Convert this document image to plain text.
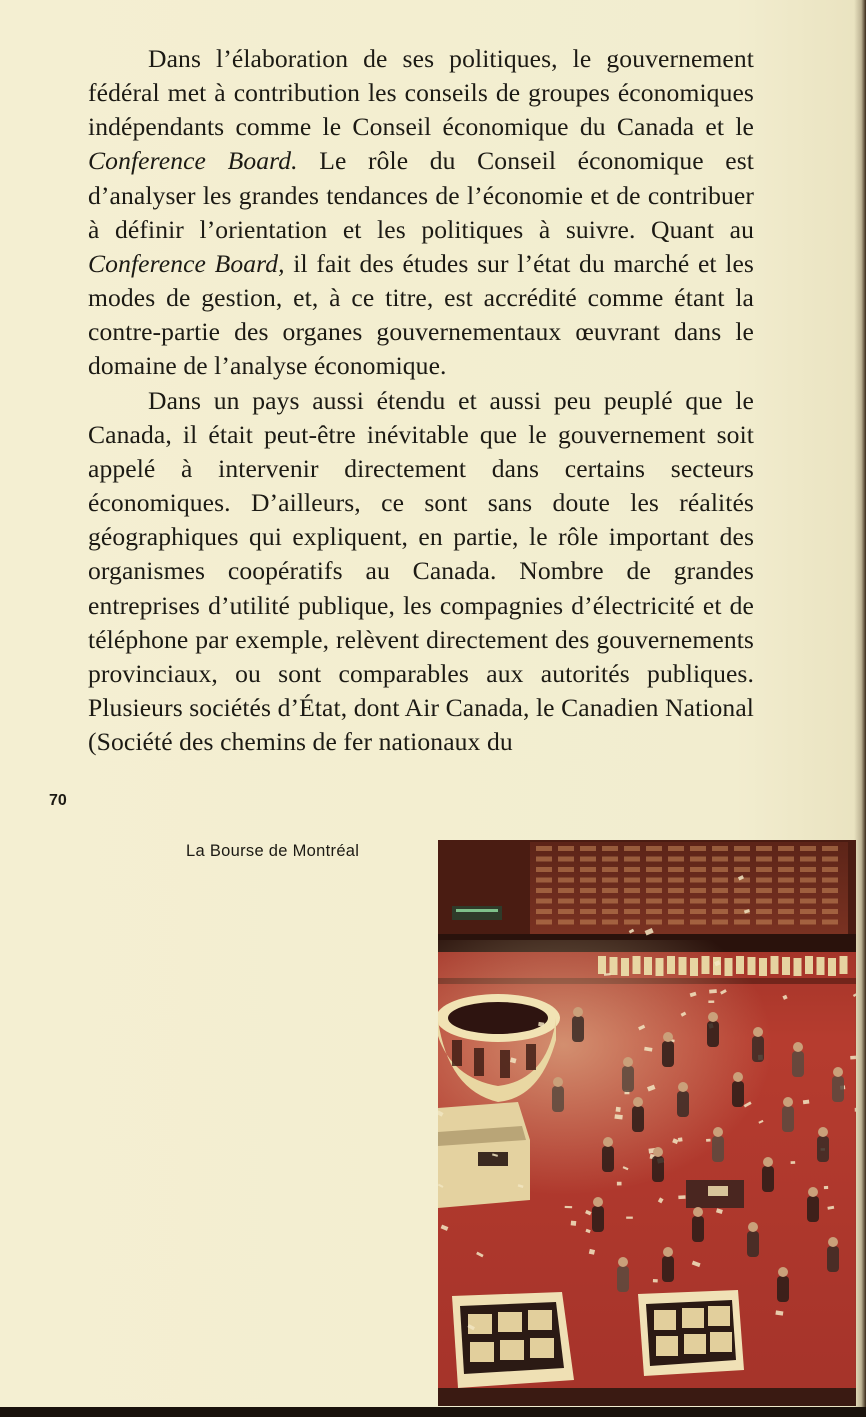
Dans l’élaboration de ses politiques, le gouvernement fédéral met à contribution les conseils de groupes économiques indépendants comme le Conseil économique du Canada et le Conference Board. Le rôle du Conseil économique est d’analyser les grandes tendances de l’économie et de contribuer à définir l’orientation et les politiques à suivre. Quant au Conference Board, il fait des études sur l’état du marché et les modes de gestion, et, à ce titre, est accrédité comme étant la contre-partie des organes gouvernementaux œuvrant dans le domaine de l’analyse économique.

Dans un pays aussi étendu et aussi peu peuplé que le Canada, il était peut-être inévitable que le gouvernement soit appelé à intervenir directement dans certains secteurs économiques. D’ailleurs, ce sont sans doute les réalités géographiques qui expliquent, en partie, le rôle important des organismes coopératifs au Canada. Nombre de grandes entreprises d’utilité publique, les compagnies d’électricité et de téléphone par exemple, relèvent directement des gouvernements provinciaux, ou sont comparables aux autorités publiques. Plusieurs sociétés d’État, dont Air Canada, le Canadien National (Société des chemins de fer nationaux du

70
La Bourse de Montréal
